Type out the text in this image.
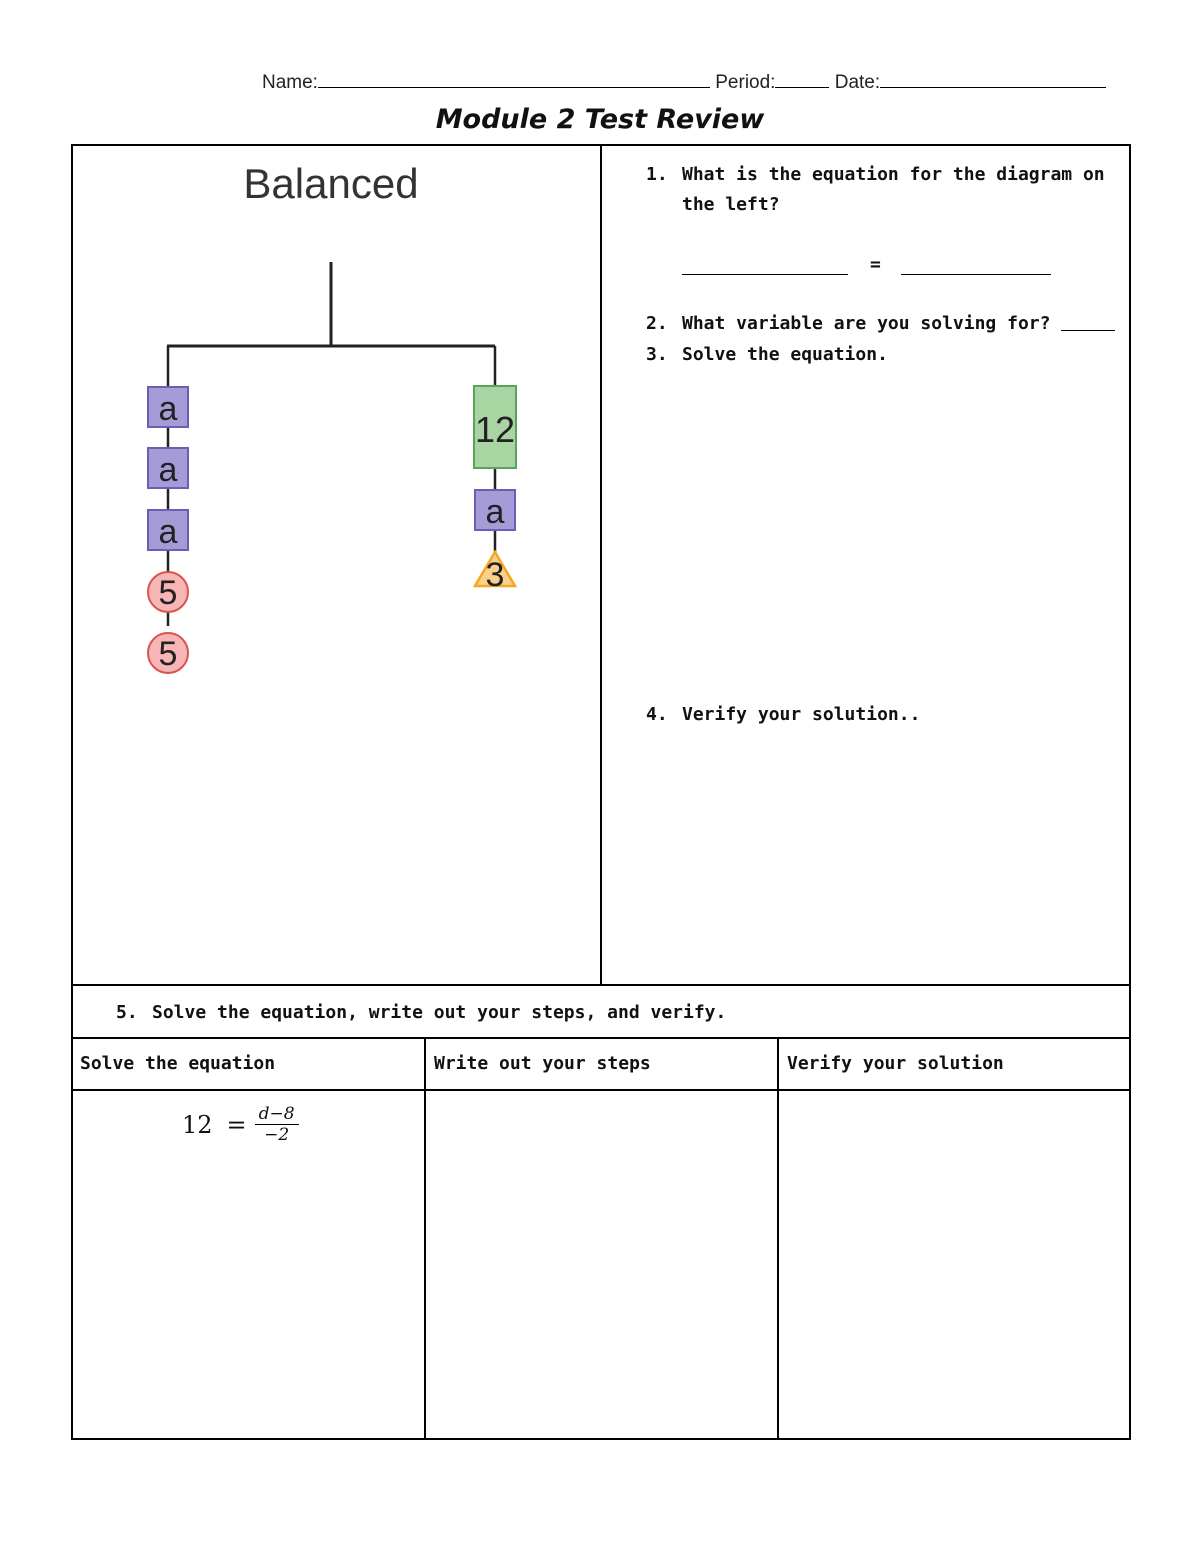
Name:	Period:	Date:
Module 2 Test Review
Balanced
a
a
a
5
5
12
a
3
1. What is the equation for the diagram on the left?
=
2. What variable are you solving for?
3. Solve the equation.
4. Verify your solution..
5. Solve the equation, write out your steps, and verify.
Solve the equation	Write out your steps	Verify your solution
$12 = \frac{d-8}{-2}$
